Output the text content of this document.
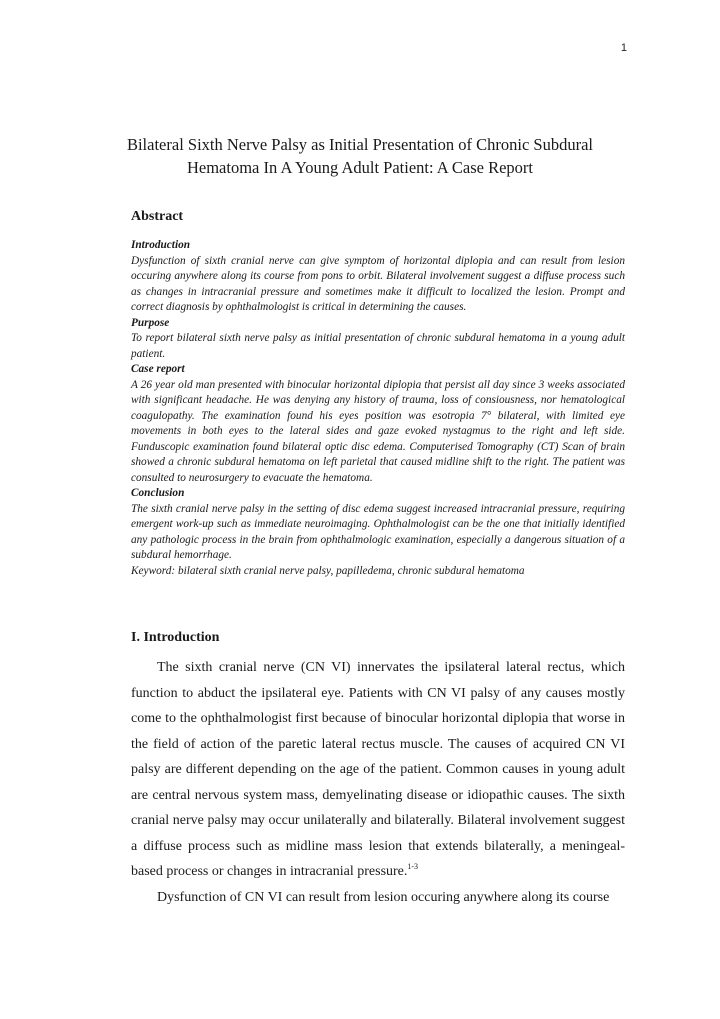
1
Bilateral Sixth Nerve Palsy as Initial Presentation of Chronic Subdural Hematoma In A Young Adult Patient: A Case Report
Abstract
Introduction
Dysfunction of sixth cranial nerve can give symptom of horizontal diplopia and can result from lesion occuring anywhere along its course from pons to orbit. Bilateral involvement suggest a diffuse process such as changes in intracranial pressure and sometimes make it difficult to localized the lesion. Prompt and correct diagnosis by ophthalmologist is critical in determining the causes.
Purpose
To report bilateral sixth nerve palsy as initial presentation of chronic subdural hematoma in a young adult patient.
Case report
A 26 year old man presented with binocular horizontal diplopia that persist all day since 3 weeks associated with significant headache. He was denying any history of trauma, loss of consiousness, nor hematological coagulopathy. The examination found his eyes position was esotropia 7° bilateral, with limited eye movements in both eyes to the lateral sides and gaze evoked nystagmus to the right and left side. Funduscopic examination found bilateral optic disc edema. Computerised Tomography (CT) Scan of brain showed a chronic subdural hematoma on left parietal that caused midline shift to the right. The patient was consulted to neurosurgery to evacuate the hematoma.
Conclusion
The sixth cranial nerve palsy in the setting of disc edema suggest increased intracranial pressure, requiring emergent work-up such as immediate neuroimaging. Ophthalmologist can be the one that initially identified any pathologic process in the brain from ophthalmologic examination, especially a dangerous situation of a subdural hemorrhage.
Keyword: bilateral sixth cranial nerve palsy, papilledema, chronic subdural hematoma
I. Introduction

The sixth cranial nerve (CN VI) innervates the ipsilateral lateral rectus, which function to abduct the ipsilateral eye. Patients with CN VI palsy of any causes mostly come to the ophthalmologist first because of binocular horizontal diplopia that worse in the field of action of the paretic lateral rectus muscle. The causes of acquired CN VI palsy are different depending on the age of the patient. Common causes in young adult are central nervous system mass, demyelinating disease or idiopathic causes. The sixth cranial nerve palsy may occur unilaterally and bilaterally. Bilateral involvement suggest a diffuse process such as midline mass lesion that extends bilaterally, a meningeal-based process or changes in intracranial pressure.$^{1-3}$

Dysfunction of CN VI can result from lesion occuring anywhere along its course
